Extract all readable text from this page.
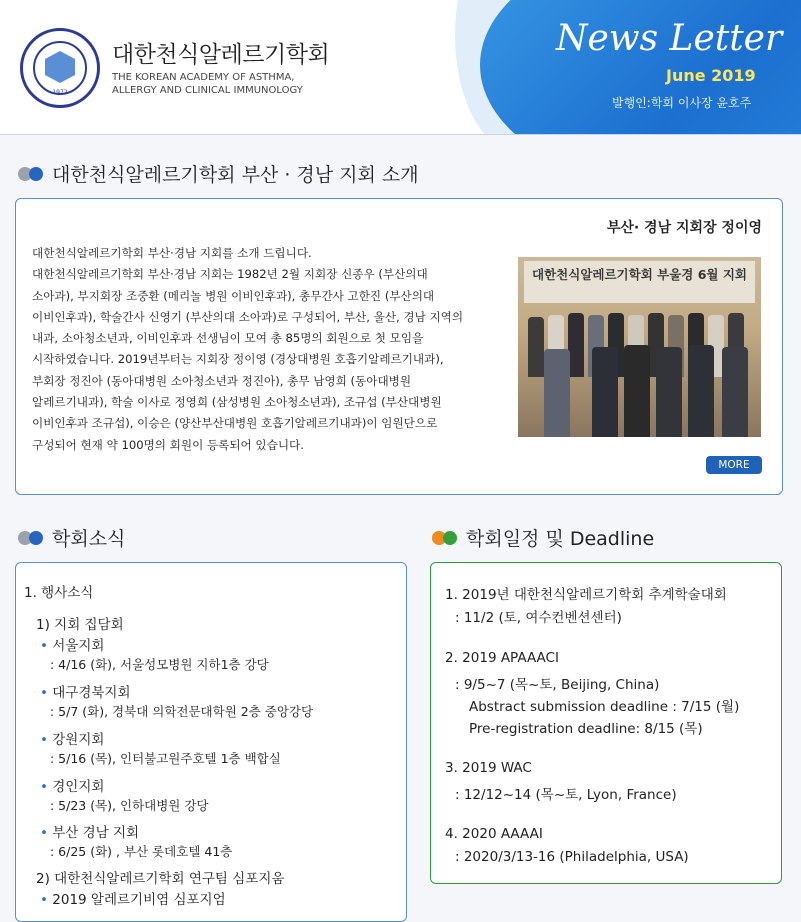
1972
대한천식알레르기학회
THE KOREAN ACADEMY OF ASTHMA,
ALLERGY AND CLINICAL IMMUNOLOGY
News Letter
June 2019
발행인:학회 이사장 윤호주
대한천식알레르기학회 부산 · 경남 지회 소개
부산· 경남 지회장 정이영
대한천식알레르기학회 부산·경남 지회를 소개 드립니다.
대한천식알레르기학회 부산·경남 지회는 1982년 2월 지회장 신종우 (부산의대
소아과), 부지회장 조중환 (메리놀 병원 이비인후과), 총무간사 고한진 (부산의대
이비인후과), 학술간사 신영기 (부산의대 소아과)로 구성되어, 부산, 울산, 경남 지역의
내과, 소아청소년과, 이비인후과 선생님이 모여 총 85명의 회원으로 첫 모임을
시작하였습니다. 2019년부터는 지회장 정이영 (경상대병원 호흡기알레르기내과),
부회장 정진아 (동아대병원 소아청소년과 정진아), 총무 남영희 (동아대병원
알레르기내과), 학술 이사로 정영희 (삼성병원 소아청소년과), 조규섭 (부산대병원
이비인후과 조규섭), 이승은 (양산부산대병원 호흡기알레르기내과)이 임원단으로
구성되어 현재 약 100명의 회원이 등록되어 있습니다.
대한천식알레르기학회 부울경 6월 지회
MORE
학회소식
1. 행사소식
1) 지회 집담회
• 서울지회
: 4/16 (화), 서울성모병원 지하1층 강당
• 대구경북지회
: 5/7 (화), 경북대 의학전문대학원 2층 중앙강당
• 강원지회
: 5/16 (목), 인터불고원주호텔 1층 백합실
• 경인지회
: 5/23 (목), 인하대병원 강당
• 부산 경남 지회
: 6/25 (화) , 부산 롯데호텔 41층
2) 대한천식알레르기학회 연구팀 심포지움
• 2019 알레르기비염 심포지엄
학회일정 및 Deadline
1. 2019년 대한천식알레르기학회 추계학술대회
: 11/2 (토, 여수컨벤션센터)
2. 2019 APAAACI
: 9/5~7 (목~토, Beijing, China)
Abstract submission deadline : 7/15 (월)
Pre-registration deadline: 8/15 (목)
3. 2019 WAC
: 12/12~14 (목~토, Lyon, France)
4. 2020 AAAAI
: 2020/3/13-16 (Philadelphia, USA)
